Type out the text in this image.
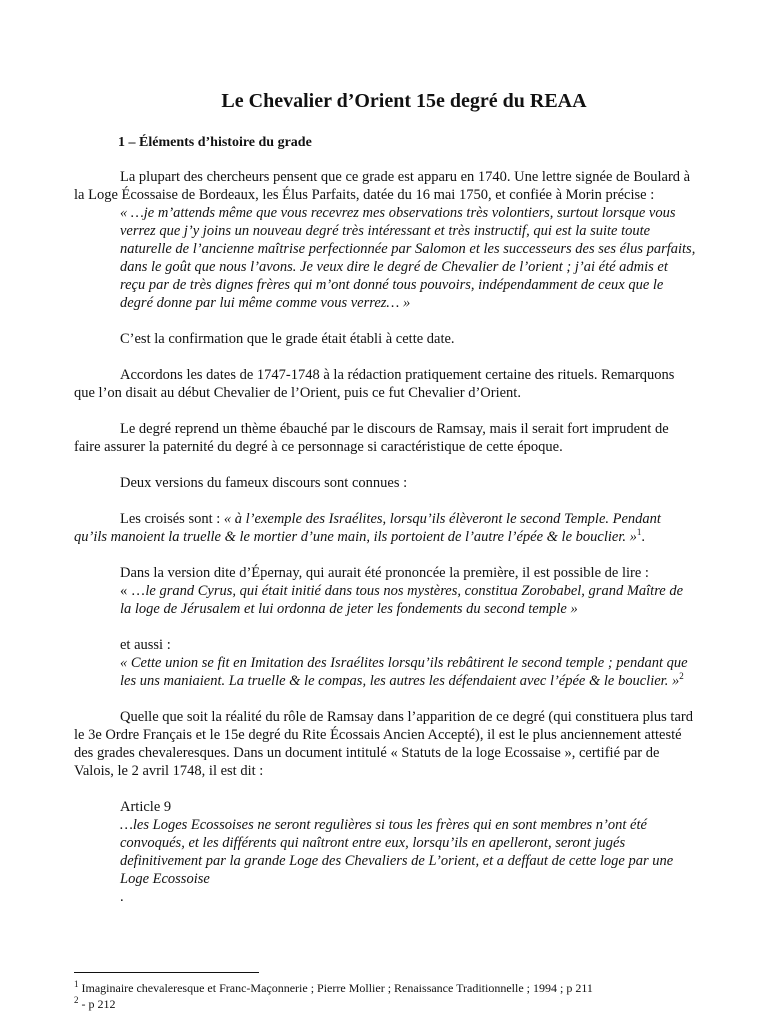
Le Chevalier d’Orient 15e degré du REAA
1 – Éléments d’histoire du grade

La plupart des chercheurs pensent que ce grade est apparu en 1740. Une lettre signée de Boulard à la Loge Écossaise de Bordeaux, les Élus Parfaits, datée du 16 mai 1750, et confiée à Morin précise :

« …je m’attends même que vous recevrez mes observations très volontiers, surtout lorsque vous verrez que j’y joins un nouveau degré très intéressant et très instructif, qui est la suite toute naturelle de l’ancienne maîtrise perfectionnée par Salomon et les successeurs des ses élus parfaits, dans le goût que nous l’avons. Je veux dire le degré de Chevalier de l’orient ; j’ai été admis et reçu par de très dignes frères qui m’ont donné tous pouvoirs, indépendamment de ceux que le degré donne par lui même comme vous verrez… »

C’est la confirmation que le grade était établi à cette date.

Accordons les dates de 1747-1748 à la rédaction pratiquement certaine des rituels. Remarquons que l’on disait au début Chevalier de l’Orient, puis ce fut Chevalier d’Orient.

Le degré reprend un thème ébauché par le discours de Ramsay, mais il serait fort imprudent de faire assurer la paternité du degré à ce personnage si caractéristique de cette époque.

Deux versions du fameux discours sont connues :

Les croisés sont : « à l’exemple des Israélites, lorsqu’ils élèveront le second Temple. Pendant qu’ils manoient la truelle & le mortier d’une main, ils portoient de l’autre l’épée & le bouclier. »$^1$.

Dans la version dite d’Épernay, qui aurait été prononcée la première, il est possible de lire :

« …le grand Cyrus, qui était initié dans tous nos mystères, constitua Zorobabel, grand Maître de la loge de Jérusalem et lui ordonna de jeter les fondements du second temple »

et aussi :

« Cette union se fit en Imitation des Israélites lorsqu’ils rebâtirent le second temple ; pendant que les uns maniaient. La truelle & le compas, les autres les défendaient avec l’épée & le bouclier. »$^2$

Quelle que soit la réalité du rôle de Ramsay dans l’apparition de ce degré (qui constituera plus tard le 3e Ordre Français et le 15e degré du Rite Écossais Ancien Accepté), il est le plus anciennement attesté des grades chevaleresques. Dans un document intitulé « Statuts de la loge Ecossaise », certifié par de Valois, le 2 avril 1748, il est dit :

Article 9

…les Loges Ecossoises ne seront regulières si tous les frères qui en sont membres n’ont été convoqués, et les différents qui naîtront entre eux, lorsqu’ils en apelleront, seront jugés definitivement par la grande Loge des Chevaliers de L’orient, et a deffaut de cette loge par une Loge Ecossoise

.

$^1$ Imaginaire chevaleresque et Franc-Maçonnerie ; Pierre Mollier ; Renaissance Traditionnelle ; 1994 ; p 211
$^2$ - p 212
